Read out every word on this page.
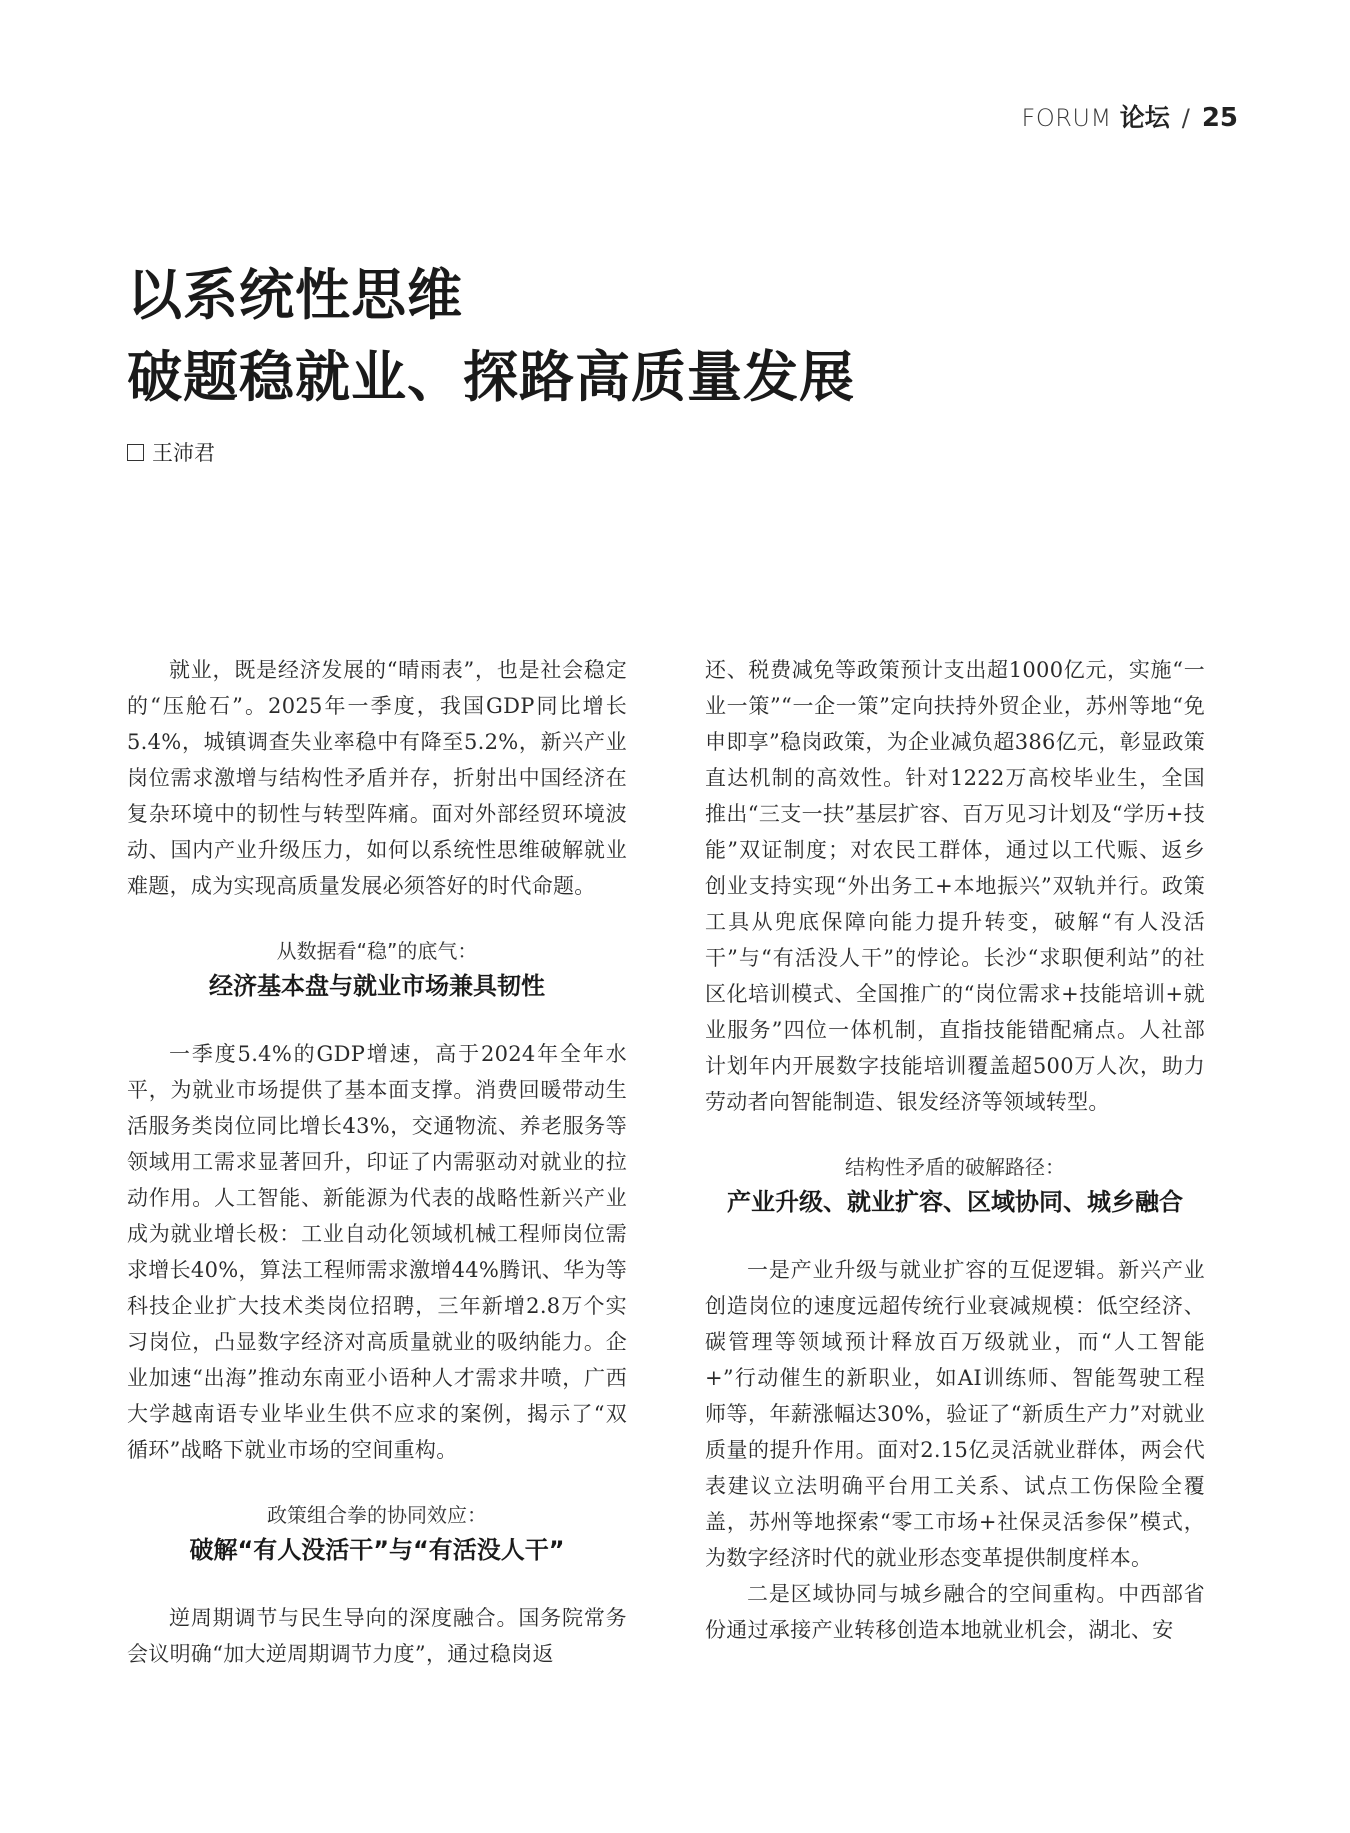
FORUM 论坛 / 25
以系统性思维
破题稳就业、探路高质量发展
王沛君

就业，既是经济发展的“晴雨表”，也是社会稳定的“压舱石”。2025年一季度，我国GDP同比增长5.4%，城镇调查失业率稳中有降至5.2%，新兴产业岗位需求激增与结构性矛盾并存，折射出中国经济在复杂环境中的韧性与转型阵痛。面对外部经贸环境波动、国内产业升级压力，如何以系统性思维破解就业难题，成为实现高质量发展必须答好的时代命题。

从数据看“稳”的底气：
经济基本盘与就业市场兼具韧性

一季度5.4%的GDP增速，高于2024年全年水平，为就业市场提供了基本面支撑。消费回暖带动生活服务类岗位同比增长43%，交通物流、养老服务等领域用工需求显著回升，印证了内需驱动对就业的拉动作用。人工智能、新能源为代表的战略性新兴产业成为就业增长极：工业自动化领域机械工程师岗位需求增长40%，算法工程师需求激增44%腾讯、华为等科技企业扩大技术类岗位招聘，三年新增2.8万个实习岗位，凸显数字经济对高质量就业的吸纳能力。企业加速“出海”推动东南亚小语种人才需求井喷，广西大学越南语专业毕业生供不应求的案例，揭示了“双循环”战略下就业市场的空间重构。

政策组合拳的协同效应：
破解“有人没活干”与“有活没人干”

逆周期调节与民生导向的深度融合。国务院常务会议明确“加大逆周期调节力度”，通过稳岗返

还、税费减免等政策预计支出超1000亿元，实施“一业一策”“一企一策”定向扶持外贸企业，苏州等地“免申即享”稳岗政策，为企业减负超386亿元，彰显政策直达机制的高效性。针对1222万高校毕业生，全国推出“三支一扶”基层扩容、百万见习计划及“学历+技能”双证制度；对农民工群体，通过以工代赈、返乡创业支持实现“外出务工+本地振兴”双轨并行。政策工具从兜底保障向能力提升转变，破解“有人没活干”与“有活没人干”的悖论。长沙“求职便利站”的社区化培训模式、全国推广的“岗位需求+技能培训+就业服务”四位一体机制，直指技能错配痛点。人社部计划年内开展数字技能培训覆盖超500万人次，助力劳动者向智能制造、银发经济等领域转型。

结构性矛盾的破解路径：
产业升级、就业扩容、区域协同、城乡融合

一是产业升级与就业扩容的互促逻辑。新兴产业创造岗位的速度远超传统行业衰减规模：低空经济、碳管理等领域预计释放百万级就业，而“人工智能+”行动催生的新职业，如AI训练师、智能驾驶工程师等，年薪涨幅达30%，验证了“新质生产力”对就业质量的提升作用。面对2.15亿灵活就业群体，两会代表建议立法明确平台用工关系、试点工伤保险全覆盖，苏州等地探索“零工市场+社保灵活参保”模式，为数字经济时代的就业形态变革提供制度样本。

二是区域协同与城乡融合的空间重构。中西部省份通过承接产业转移创造本地就业机会，湖北、安
